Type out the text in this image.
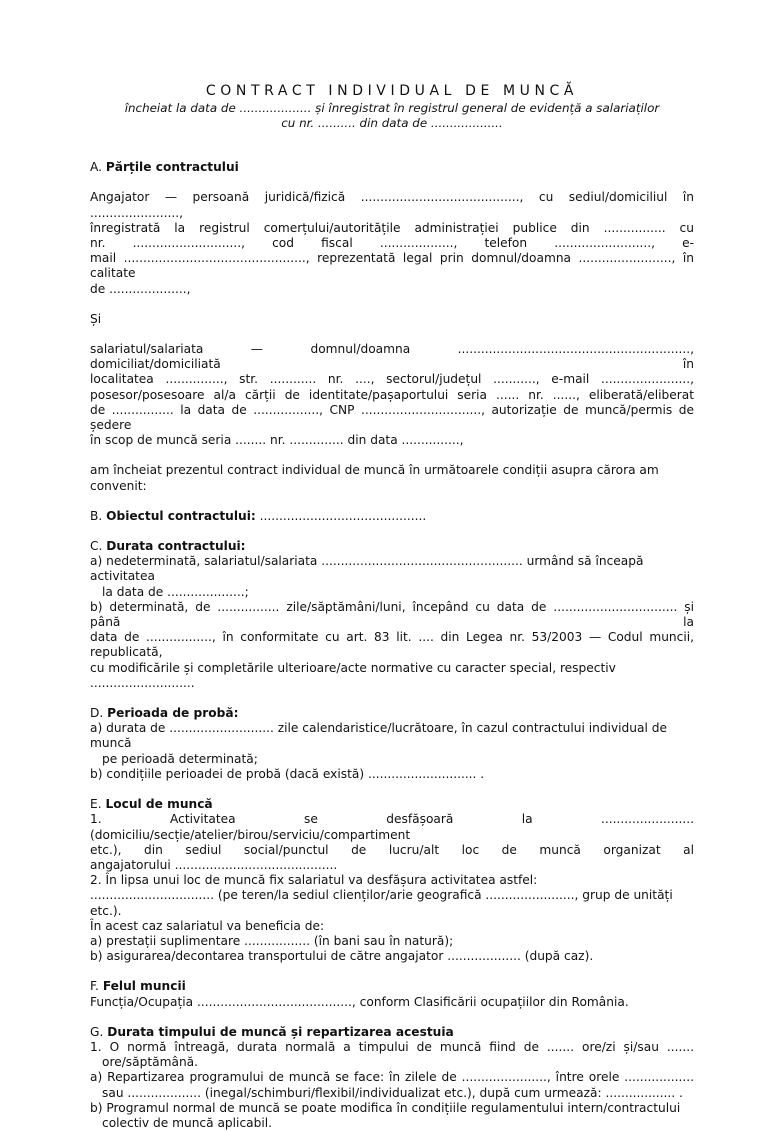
CONTRACT INDIVIDUAL DE MUNCĂ
încheiat la data de ................... și înregistrat în registrul general de evidență a salariaților
cu nr. .......... din data de ...................
A. Părțile contractului

Angajator — persoană juridică/fizică ........................................., cu sediul/domiciliul în .......................,

înregistrată la registrul comerțului/autoritățile administrației publice din ................ cu

nr. ............................, cod fiscal ..................., telefon ........................., e-

mail ..............................................., reprezentată legal prin domnul/doamna ........................, în calitate

de ....................,

Și

salariatul/salariata — domnul/doamna ............................................................, domiciliat/domiciliată în

localitatea ..............., str. ............ nr. ...., sectorul/județul ..........., e-mail .......................,

posesor/posesoare al/a cărții de identitate/pașaportului seria ...... nr. ......, eliberată/eliberat

de ................ la data de ................., CNP ..............................., autorizație de muncă/permis de ședere

în scop de muncă seria ........ nr. .............. din data ...............,

am încheiat prezentul contract individual de muncă în următoarele condiții asupra cărora am convenit:

B. Obiectul contractului: ...........................................
C. Durata contractului:

a) nedeterminată, salariatul/salariata .................................................... urmând să înceapă activitatea

la data de ....................;

b) determinată, de ................ zile/săptămâni/luni, începând cu data de ................................ și până la

data de ................., în conformitate cu art. 83 lit. .... din Legea nr. 53/2003 — Codul muncii, republicată,

cu modificările și completările ulterioare/acte normative cu caracter special, respectiv ...........................

D. Perioada de probă:

a) durata de ........................... zile calendaristice/lucrătoare, în cazul contractului individual de muncă

pe perioadă determinată;

b) condițiile perioadei de probă (dacă există) ............................ .

E. Locul de muncă

1. Activitatea se desfășoară la ........................ (domiciliu/secție/atelier/birou/serviciu/compartiment

etc.), din sediul social/punctul de lucru/alt loc de muncă organizat al

angajatorului ..........................................

2. În lipsa unui loc de muncă fix salariatul va desfășura activitatea astfel:

................................ (pe teren/la sediul clienților/arie geografică ......................., grup de unități etc.).

În acest caz salariatul va beneficia de:

a) prestații suplimentare ................. (în bani sau în natură);

b) asigurarea/decontarea transportului de către angajator ................... (după caz).

F. Felul muncii

Funcția/Ocupația ........................................, conform Clasificării ocupațiilor din România.

G. Durata timpului de muncă și repartizarea acestuia

1. O normă întreagă, durata normală a timpului de muncă fiind de ....... ore/zi și/sau .......

ore/săptămână.

a) Repartizarea programului de muncă se face: în zilele de ......................, între orele ..................

sau ................... (inegal/schimburi/flexibil/individualizat etc.), după cum urmează: .................. .

b) Programul normal de muncă se poate modifica în condițiile regulamentului intern/contractului

colectiv de muncă aplicabil.
